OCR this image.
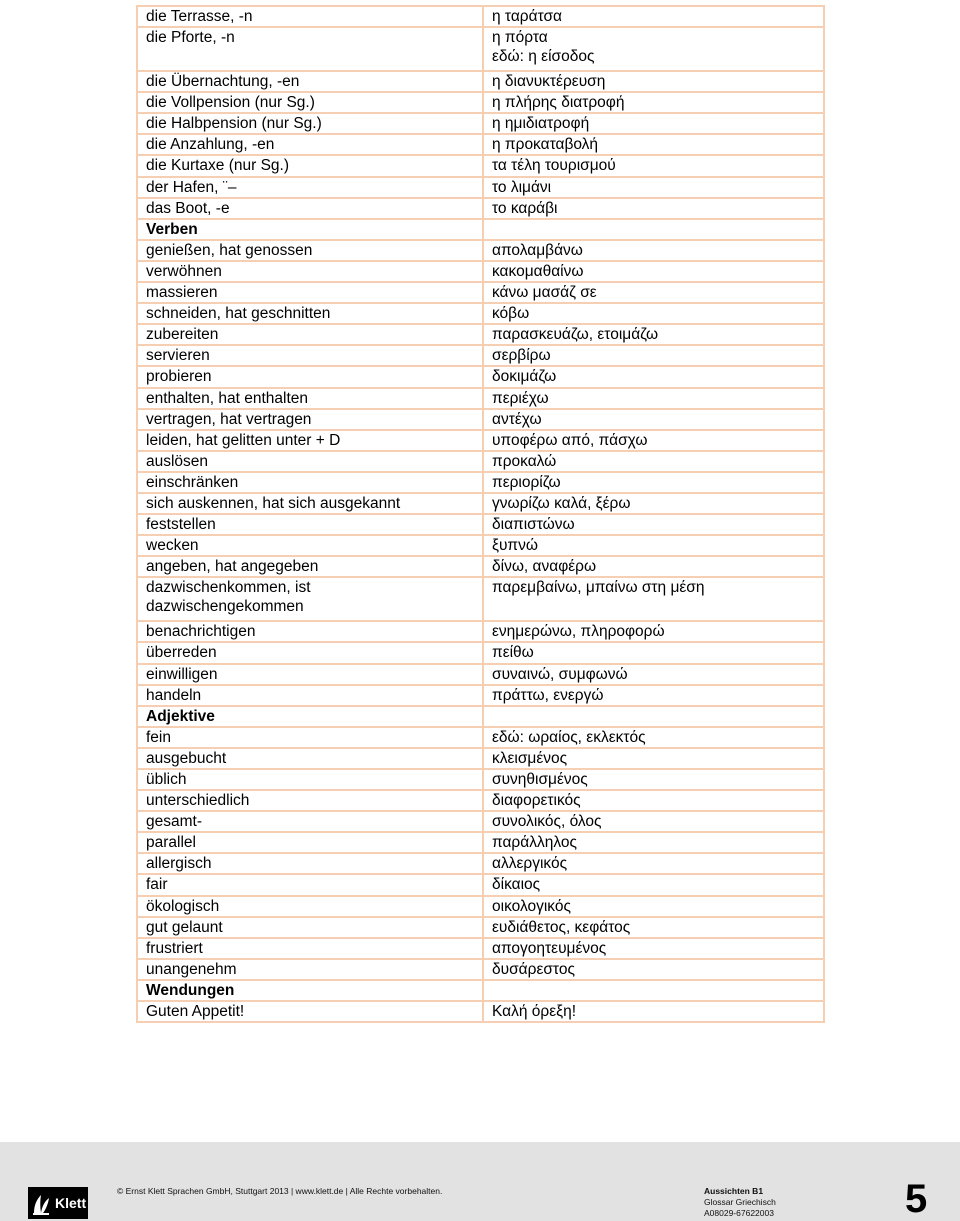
die Terrasse, -n	η ταράτσα
die Pforte, -n	η πόρτα
εδώ: η είσοδος
die Übernachtung, -en	η διανυκτέρευση
die Vollpension (nur Sg.)	η πλήρης διατροφή
die Halbpension (nur Sg.)	η ημιδιατροφή
die Anzahlung, -en	η προκαταβολή
die Kurtaxe (nur Sg.)	τα τέλη τουρισμού
der Hafen, ¨–	το λιμάνι
das Boot, -e	το καράβι
Verben	
genießen, hat genossen	απολαμβάνω
verwöhnen	κακομαθαίνω
massieren	κάνω μασάζ σε
schneiden, hat geschnitten	κόβω
zubereiten	παρασκευάζω, ετοιμάζω
servieren	σερβίρω
probieren	δοκιμάζω
enthalten, hat enthalten	περιέχω
vertragen, hat vertragen	αντέχω
leiden, hat gelitten unter + D	υποφέρω από, πάσχω
auslösen	προκαλώ
einschränken	περιορίζω
sich auskennen, hat sich ausgekannt	γνωρίζω καλά, ξέρω
feststellen	διαπιστώνω
wecken	ξυπνώ
angeben, hat angegeben	δίνω, αναφέρω
dazwischenkommen, ist
dazwischengekommen	παρεμβαίνω, μπαίνω στη μέση
benachrichtigen	ενημερώνω, πληροφορώ
überreden	πείθω
einwilligen	συναινώ, συμφωνώ
handeln	πράττω, ενεργώ
Adjektive	
fein	εδώ: ωραίος, εκλεκτός
ausgebucht	κλεισμένος
üblich	συνηθισμένος
unterschiedlich	διαφορετικός
gesamt-	συνολικός, όλος
parallel	παράλληλος
allergisch	αλλεργικός
fair	δίκαιος
ökologisch	οικολογικός
gut gelaunt	ευδιάθετος, κεφάτος
frustriert	απογοητευμένος
unangenehm	δυσάρεστος
Wendungen	
Guten Appetit!	Καλή όρεξη!
Klett
© Ernst Klett Sprachen GmbH, Stuttgart 2013 | www.klett.de | Alle Rechte vorbehalten.	Aussichten B1
Glossar Griechisch
A08029-67622003	5
